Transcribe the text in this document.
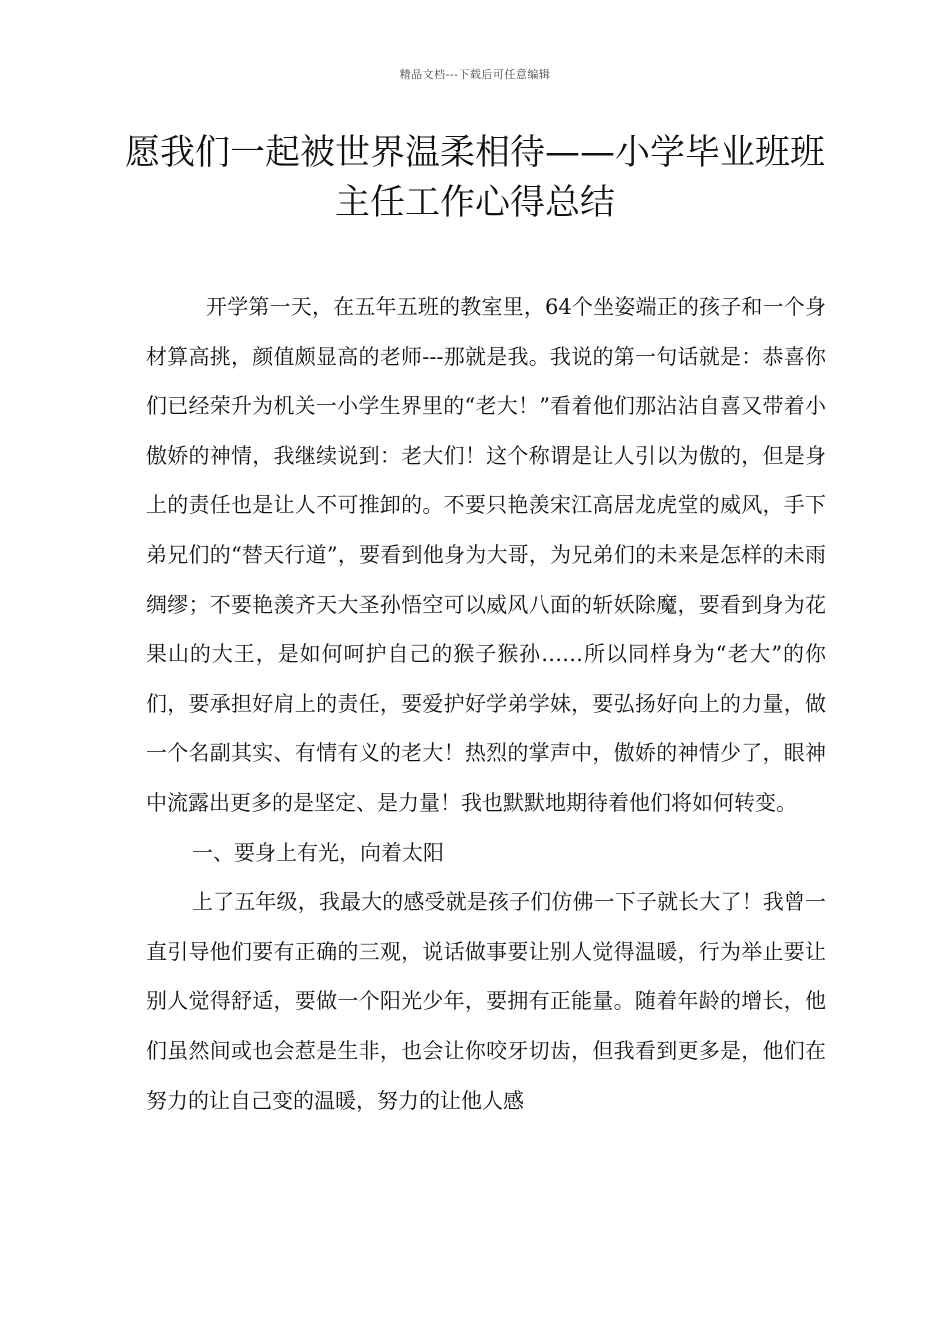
精品文档---下载后可任意编辑
愿我们一起被世界温柔相待——小学毕业班班主任工作心得总结

开学第一天，在五年五班的教室里，64个坐姿端正的孩子和一个身材算高挑，颜值颇显高的老师---那就是我。我说的第一句话就是：恭喜你们已经荣升为机关一小学生界里的“老大！”看着他们那沾沾自喜又带着小傲娇的神情，我继续说到：老大们！这个称谓是让人引以为傲的，但是身上的责任也是让人不可推卸的。不要只艳羡宋江高居龙虎堂的威风，手下弟兄们的“替天行道”，要看到他身为大哥，为兄弟们的未来是怎样的未雨绸缪；不要艳羡齐天大圣孙悟空可以威风八面的斩妖除魔，要看到身为花果山的大王，是如何呵护自己的猴子猴孙……所以同样身为“老大”的你们，要承担好肩上的责任，要爱护好学弟学妹，要弘扬好向上的力量，做一个名副其实、有情有义的老大！热烈的掌声中，傲娇的神情少了，眼神中流露出更多的是坚定、是力量！我也默默地期待着他们将如何转变。

一、要身上有光，向着太阳

上了五年级，我最大的感受就是孩子们仿佛一下子就长大了！我曾一直引导他们要有正确的三观，说话做事要让别人觉得温暖，行为举止要让别人觉得舒适，要做一个阳光少年，要拥有正能量。随着年龄的增长，他们虽然间或也会惹是生非，也会让你咬牙切齿，但我看到更多是，他们在努力的让自己变的温暖，努力的让他人感
